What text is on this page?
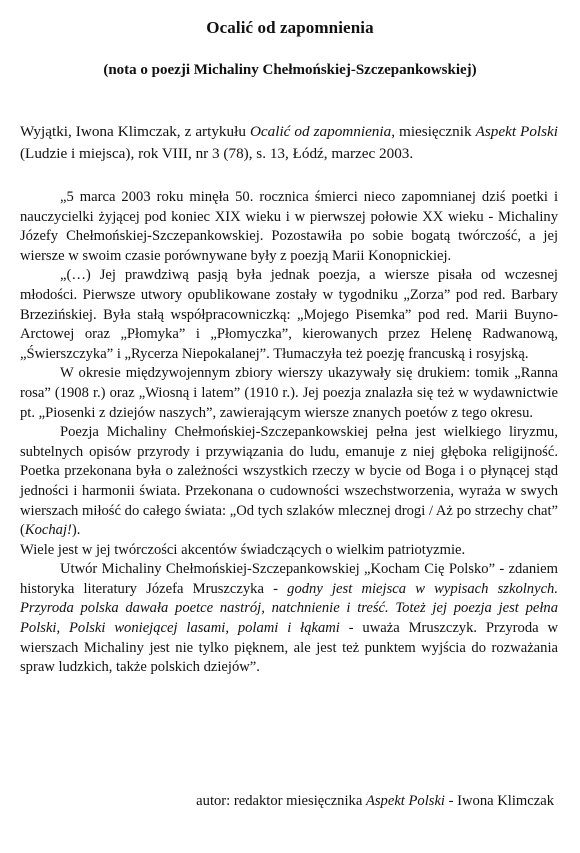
Ocalić od zapomnienia
(nota o poezji Michaliny Chełmońskiej-Szczepankowskiej)

Wyjątki, Iwona Klimczak, z artykułu Ocalić od zapomnienia, miesięcznik Aspekt Polski (Ludzie i miejsca), rok VIII, nr 3 (78), s. 13, Łódź, marzec 2003.

„5 marca 2003 roku minęła 50. rocznica śmierci nieco zapomnianej dziś poetki i nauczycielki żyjącej pod koniec XIX wieku i w pierwszej połowie XX wieku - Michaliny Józefy Chełmońskiej-Szczepankowskiej. Pozostawiła po sobie bogatą twórczość, a jej wiersze w swoim czasie porównywane były z poezją Marii Konopnickiej.

„(…) Jej prawdziwą pasją była jednak poezja, a wiersze pisała od wczesnej młodości. Pierwsze utwory opublikowane zostały w tygodniku „Zorza” pod red. Barbary Brzezińskiej. Była stałą współpracowniczką: „Mojego Pisemka” pod red. Marii Buyno-Arctowej oraz „Płomyka” i „Płomyczka”, kierowanych przez Helenę Radwanową, „Świerszczyka” i „Rycerza Niepokalanej”. Tłumaczyła też poezję francuską i rosyjską.

W okresie międzywojennym zbiory wierszy ukazywały się drukiem: tomik „Ranna rosa” (1908 r.) oraz „Wiosną i latem” (1910 r.). Jej poezja znalazła się też w wydawnictwie pt. „Piosenki z dziejów naszych”, zawierającym wiersze znanych poetów z tego okresu.

Poezja Michaliny Chełmońskiej-Szczepankowskiej pełna jest wielkiego liryzmu, subtelnych opisów przyrody i przywiązania do ludu, emanuje z niej głęboka religijność. Poetka przekonana była o zależności wszystkich rzeczy w bycie od Boga i o płynącej stąd jedności i harmonii świata. Przekonana o cudowności wszechstworzenia, wyraża w swych wierszach miłość do całego świata: „Od tych szlaków mlecznej drogi / Aż po strzechy chat” (Kochaj!).

Wiele jest w jej twórczości akcentów świadczących o wielkim patriotyzmie.

Utwór Michaliny Chełmońskiej-Szczepankowskiej „Kocham Cię Polsko” - zdaniem historyka literatury Józefa Mruszczyka - godny jest miejsca w wypisach szkolnych. Przyroda polska dawała poetce nastrój, natchnienie i treść. Toteż jej poezja jest pełna Polski, Polski woniejącej lasami, polami i łąkami - uważa Mruszczyk. Przyroda w wierszach Michaliny jest nie tylko pięknem, ale jest też punktem wyjścia do rozważania spraw ludzkich, także polskich dziejów”.

autor: redaktor miesięcznika Aspekt Polski - Iwona Klimczak
